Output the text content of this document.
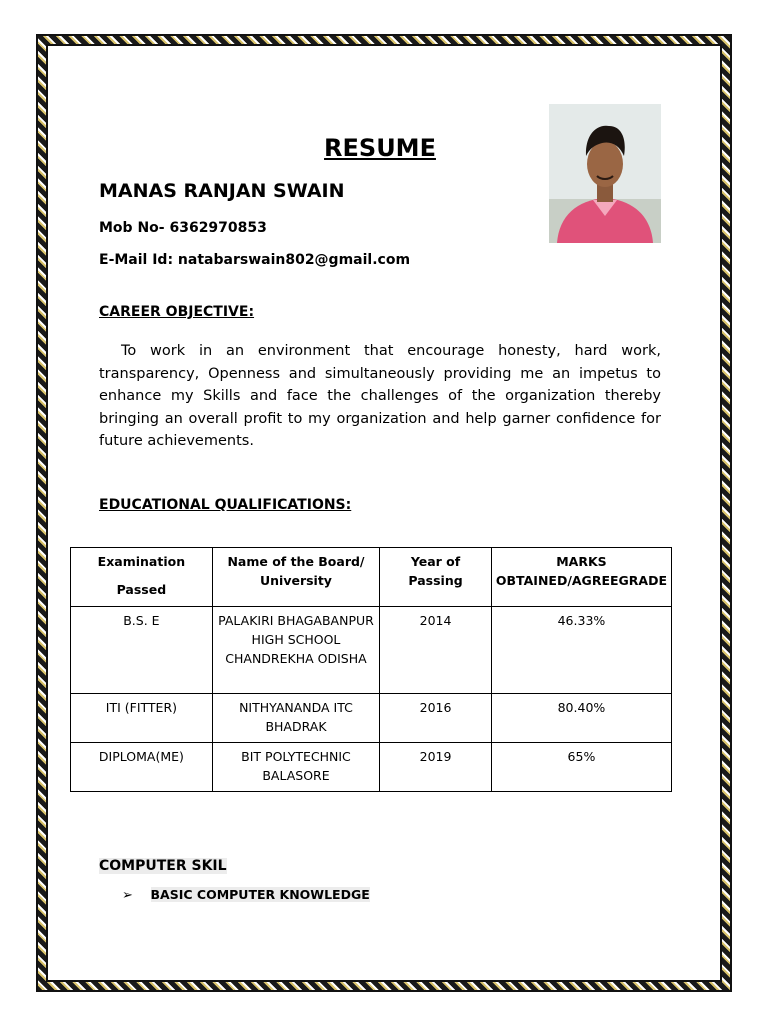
RESUME
MANAS RANJAN SWAIN
Mob No- 6362970853
E-Mail Id: natabarswain802@gmail.com
CAREER OBJECTIVE:
To work in an environment that encourage honesty, hard work, transparency, Openness and simultaneously providing me an impetus to enhance my Skills and face the challenges of the organization thereby bringing an overall profit to my organization and help garner confidence for future achievements.
EDUCATIONAL QUALIFICATIONS:
Examination
Passed	Name of the Board/ University	Year of Passing	MARKS OBTAINED/AGREEGRADE
B.S. E	PALAKIRI BHAGABANPUR HIGH SCHOOL CHANDREKHA ODISHA	2014	46.33%
ITI (FITTER)	NITHYANANDA ITC BHADRAK	2016	80.40%
DIPLOMA(ME)	BIT POLYTECHNIC BALASORE	2019	65%
COMPUTER SKIL
➢ BASIC COMPUTER KNOWLEDGE
